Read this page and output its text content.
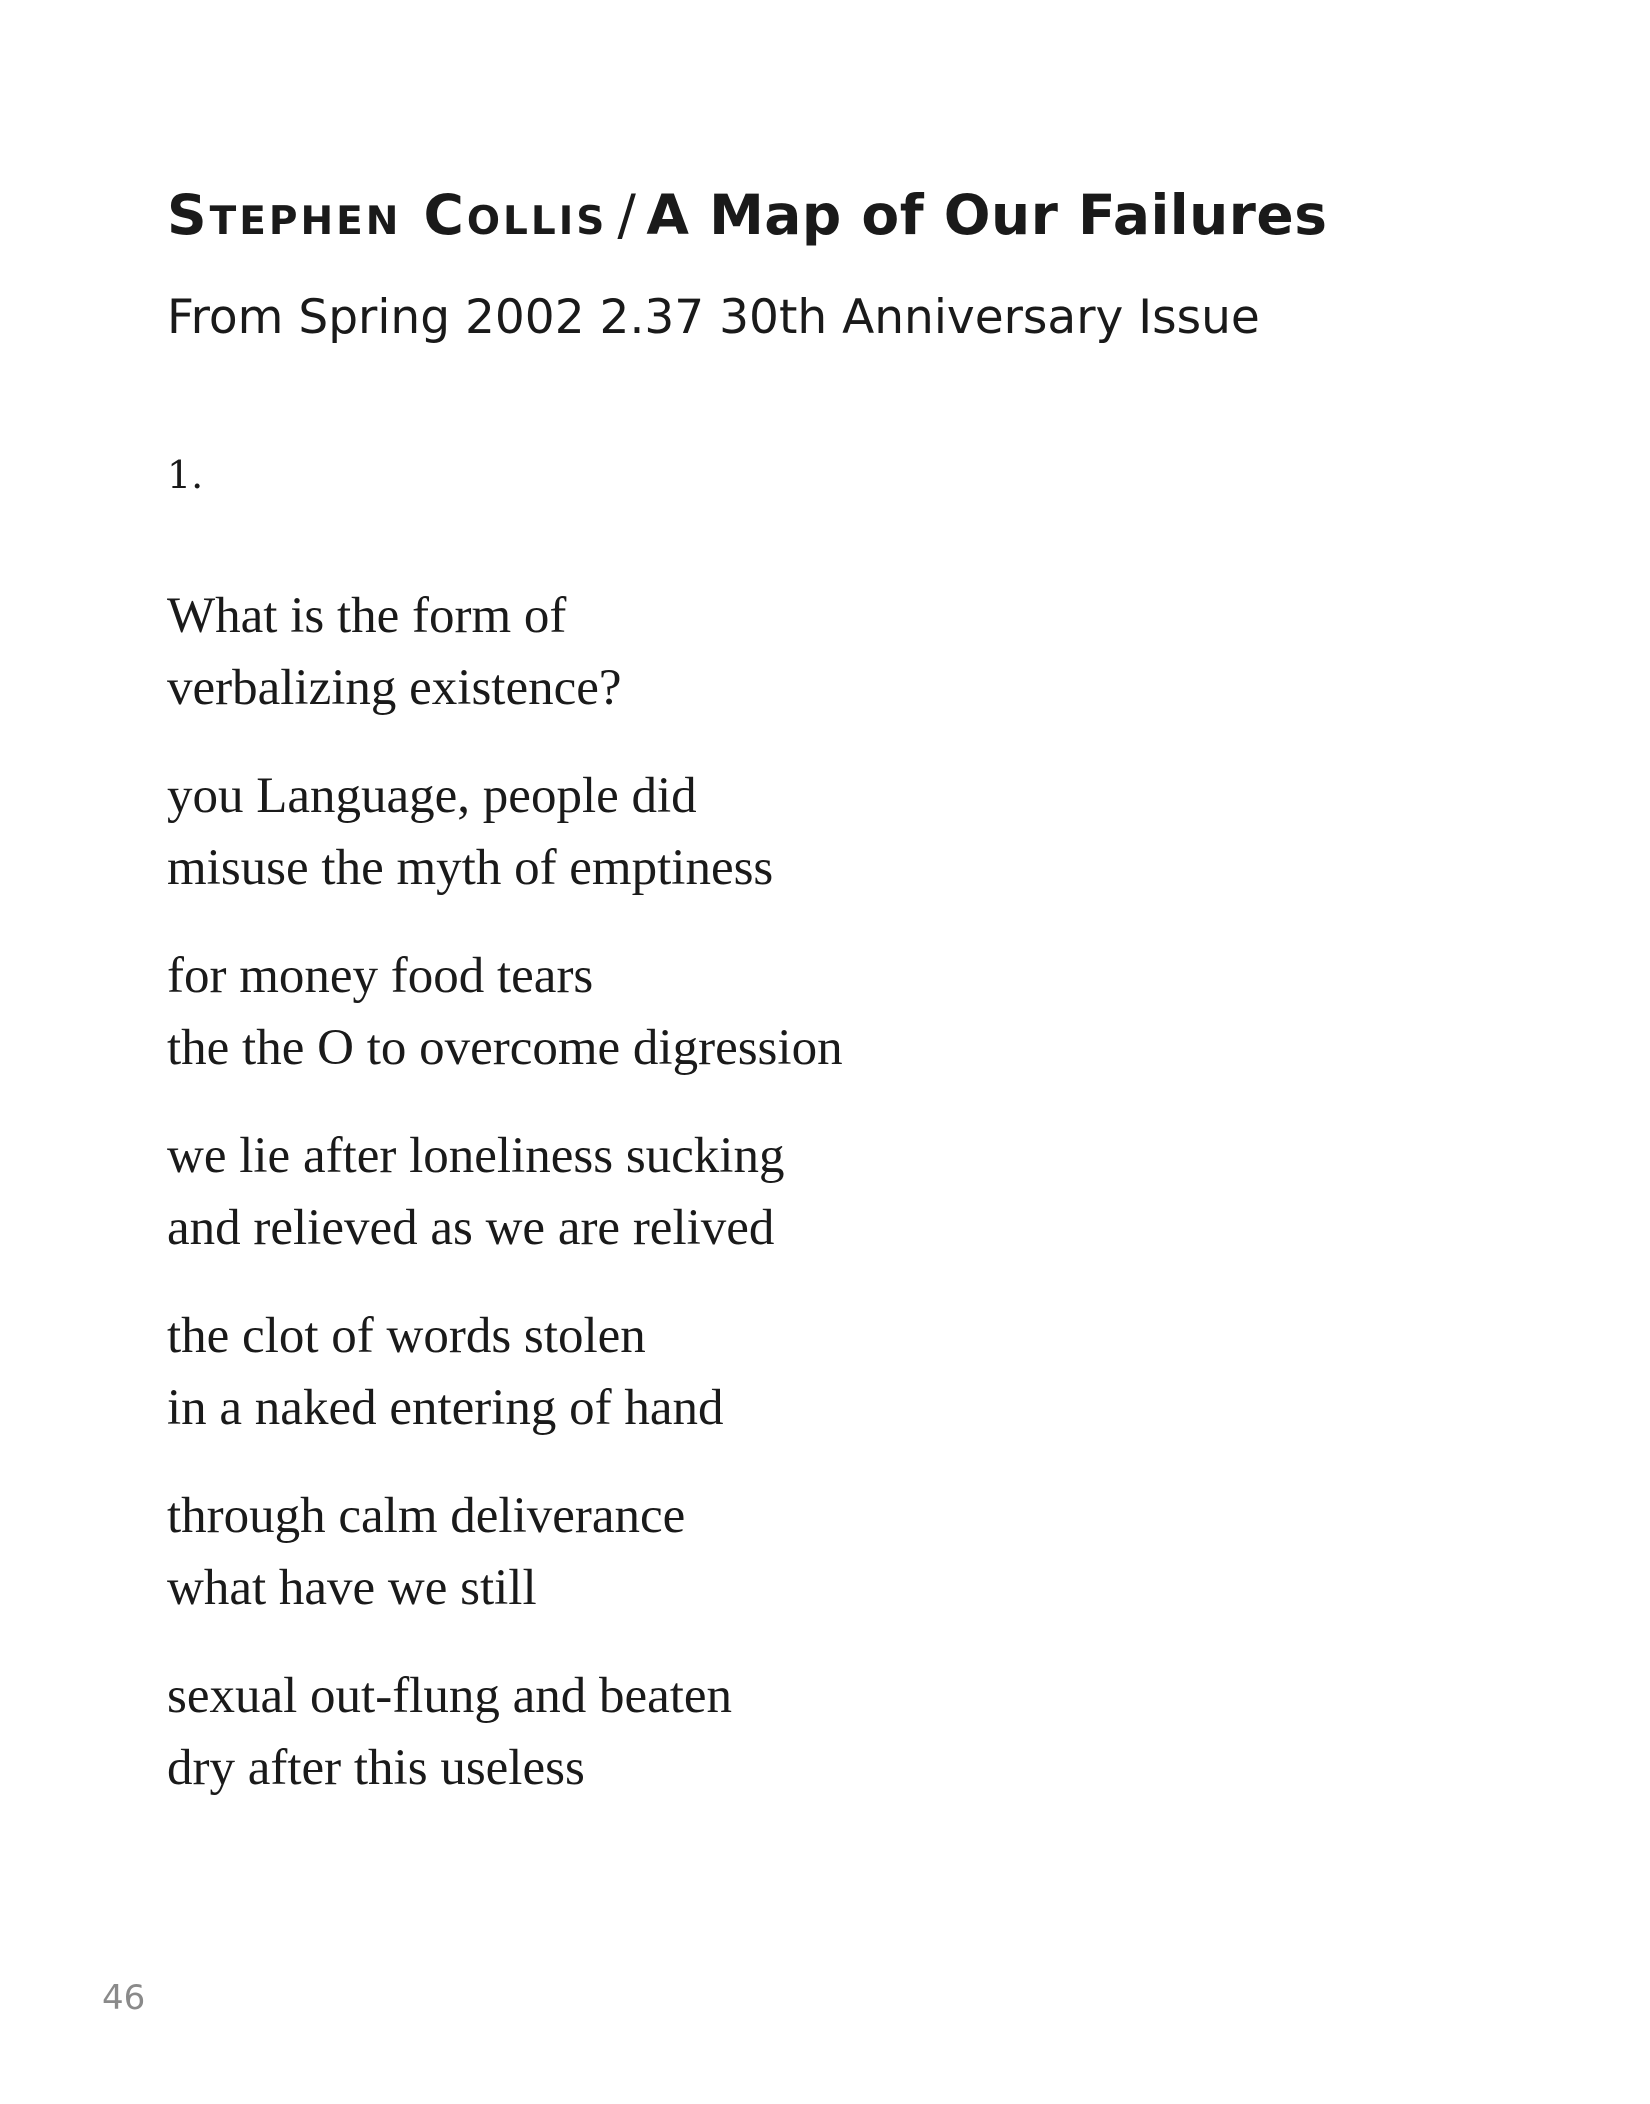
Stephen Collis / A Map of Our Failures

From Spring 2002 2.37 30th Anniversary Issue

1.
What is the form of
verbalizing existence?
you Language, people did
misuse the myth of emptiness
for money food tears
the the O to overcome digression
we lie after loneliness sucking
and relieved as we are relived
the clot of words stolen
in a naked entering of hand
through calm deliverance
what have we still
sexual out-flung and beaten
dry after this useless
46
